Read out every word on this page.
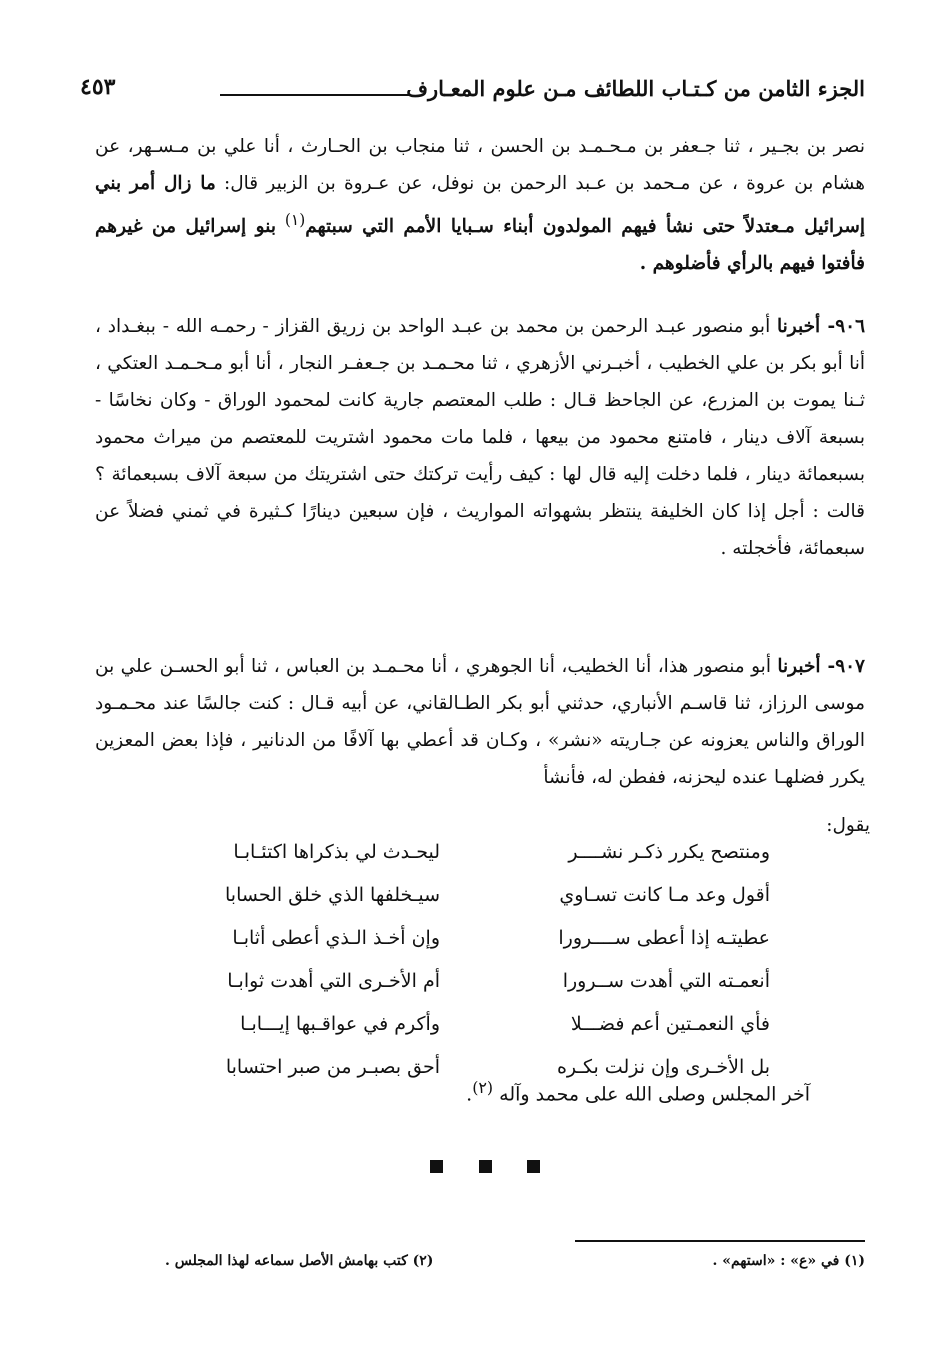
الجزء الثامن من كـتـاب اللطائف مـن علوم المعـارف
٤٥٣
نصر بن بجـير ، ثنا جـعفر بن مـحـمـد بن الحسن ، ثنا منجاب بن الحـارث ، أنا علي بن مـسـهر، عن هشام بن عروة ، عن مـحمد بن عـبد الرحمن بن نوفل، عن عـروة بن الزبير قال: ما زال أمر بني إسرائيل مـعتدلاً حتى نشأ فيهم المولدون أبناء سـبايا الأمم التي سبتهم$^{(١)}$ بنو إسرائيل من غيرهم فأفتوا فيهم بالرأي فأضلوهم .
٩٠٦- أخبرنا أبو منصور عبـد الرحمن بن محمد بن عبـد الواحد بن زريق القزاز - رحمـه الله - ببغـداد ، أنا أبو بكر بن علي الخطيب ، أخبـرني الأزهري ، ثنا محـمـد بن جـعفـر النجار ، أنا أبو مـحـمـد العتكي ، ثـنا يموت بن المزرع، عن الجاحظ قـال : طلب المعتصم جارية كانت لمحمود الوراق - وكان نخاسًا - بسبعة آلاف دينار ، فامتنع محمود من بيعها ، فلما مات محمود اشتريت للمعتصم من ميراث محمود بسبعمائة دينار ، فلما دخلت إليه قال لها : كيف رأيت تركتك حتى اشتريتك من سبعة آلاف بسبعمائة ؟ قالت : أجل إذا كان الخليفة ينتظر بشهواته المواريث ، فإن سبعين دينارًا كـثيرة في ثمني فضلاً عن سبعمائة، فأخجلته .
٩٠٧- أخبرنا أبو منصور هذا، أنا الخطيب، أنا الجوهري ، أنا محـمـد بن العباس ، ثنا أبو الحسـن علي بن موسى الرزاز، ثنا قاسـم الأنباري، حدثني أبو بكر الطـالقاني، عن أبيه قـال : كنت جالسًا عند محـمـود الوراق والناس يعزونه عن جـاريته «نشر» ، وكـان قد أعطي بها آلافًا من الدنانير ، فإذا بعض المعزين يكرر فضلهـا عنده ليحزنه، ففطن له، فأنشأ
يقول:
ومنتصح يكرر ذكـر نشــــر
ليحـدث لي بذكراها اكتئـابـا
أقول وعد مـا كانت تسـاوي
سيـخلفها الذي خلق الحسابا
عطيتـه إذا أعطى ســــرورا
وإن أخـذ الـذي أعطى أثابـا
أنعمـته التي أهدت ســرورا
أم الأخـرى التي أهدت ثوابـا
فأي النعمـتين أعم فضـــلا
وأكرم في عواقـبها إيـــابـا
بل الأخـرى وإن نزلت بكـره
أحق بصبـر من صبر احتسابا
آخر المجلس وصلى الله على محمد وآله $^{(٢)}$.
(١) في «ع» : «استهم» .
(٢) كتب بهامش الأصل سماعه لهذا المجلس .
